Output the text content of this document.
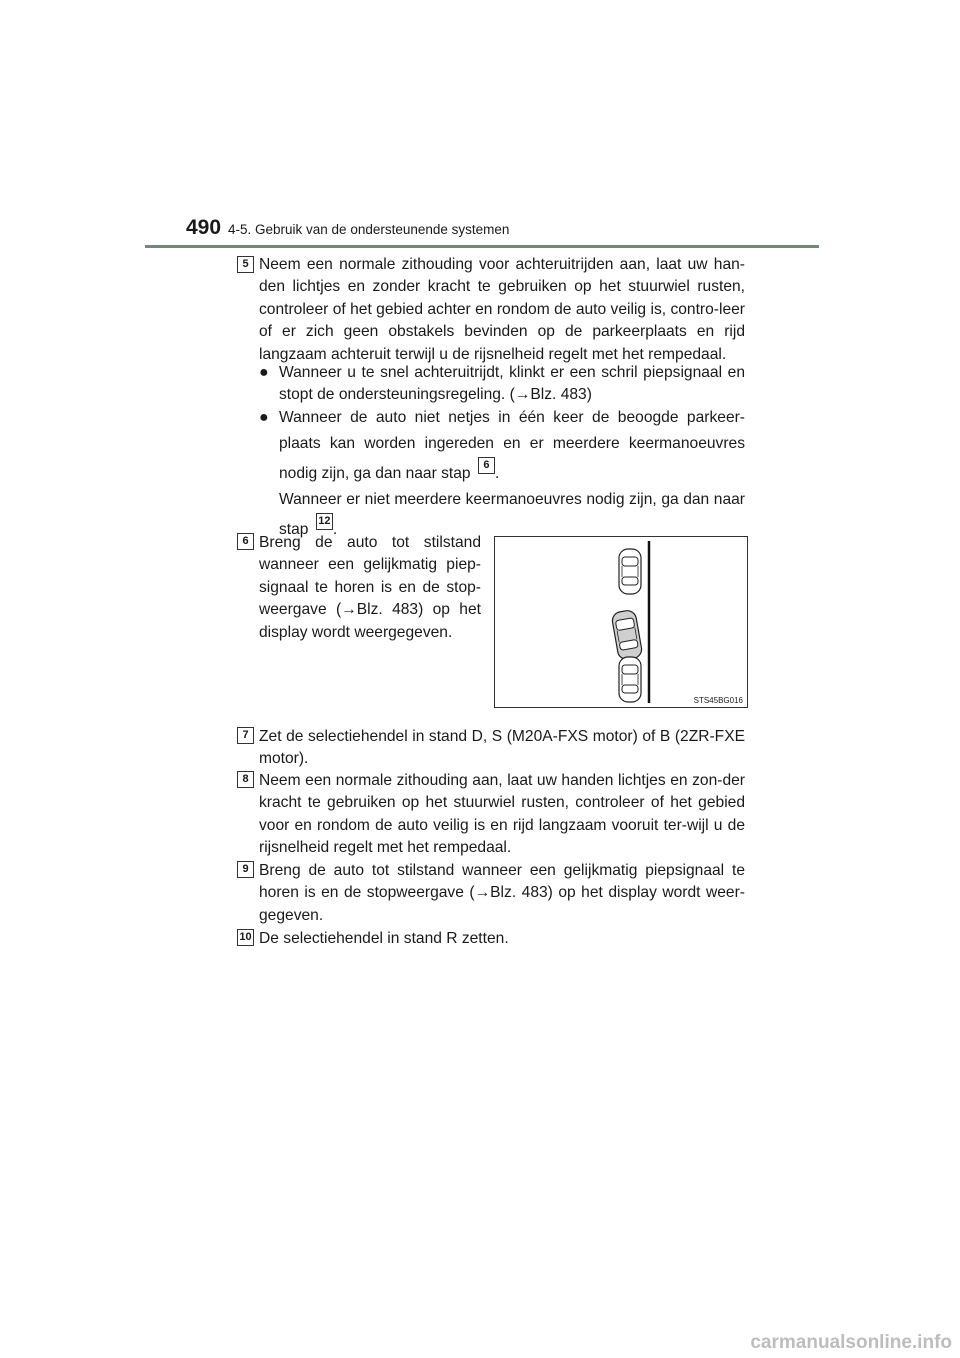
490 4-5. Gebruik van de ondersteunende systemen
5 Neem een normale zithouding voor achteruitrijden aan, laat uw han-den lichtjes en zonder kracht te gebruiken op het stuurwiel rusten, controleer of het gebied achter en rondom de auto veilig is, contro-leer of er zich geen obstakels bevinden op de parkeerplaats en rijd langzaam achteruit terwijl u de rijsnelheid regelt met het rempedaal.
● Wanneer u te snel achteruitrijdt, klinkt er een schril piepsignaal en stopt de ondersteuningsregeling. (→Blz. 483)
● Wanneer de auto niet netjes in één keer de beoogde parkeer-plaats kan worden ingereden en er meerdere keermanoeuvres nodig zijn, ga dan naar stap 6 .
Wanneer er niet meerdere keermanoeuvres nodig zijn, ga dan naar stap 12 .
6 Breng de auto tot stilstand wanneer een gelijkmatig piep-signaal te horen is en de stop-weergave (→Blz. 483) op het display wordt weergegeven.
STS45BG016
7 Zet de selectiehendel in stand D, S (M20A-FXS motor) of B (2ZR-FXE motor).
8 Neem een normale zithouding aan, laat uw handen lichtjes en zon-der kracht te gebruiken op het stuurwiel rusten, controleer of het gebied voor en rondom de auto veilig is en rijd langzaam vooruit ter-wijl u de rijsnelheid regelt met het rempedaal.
9 Breng de auto tot stilstand wanneer een gelijkmatig piepsignaal te horen is en de stopweergave (→Blz. 483) op het display wordt weer-gegeven.
10 De selectiehendel in stand R zetten.
carmanualsonline.info
